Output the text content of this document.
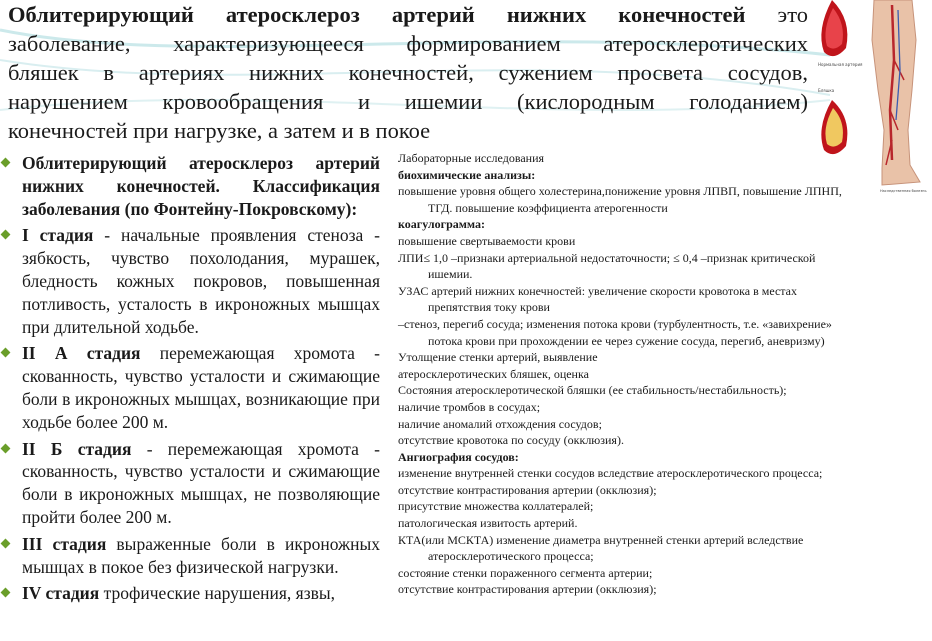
Облитерирующий атеросклероз артерий нижних конечностей это
заболевание, характеризующееся формированием атеросклеротических
бляшек в артериях нижних конечностей, сужением просвета сосудов,
нарушением кровообращения и ишемии (кислородным голоданием)
конечностей при нагрузке, а затем и в покое
Нормальная артерия
Бляшка
Наследственная болезнь
Облитерирующий атеросклероз артерий нижних конечностей. Классификация заболевания (по Фонтейну-Покровскому):
I стадия - начальные проявления стеноза - зябкость, чувство похолодания, мурашек, бледность кожных покровов, повышенная потливость, усталость в икроножных мышцах при длительной ходьбе.
II А стадия перемежающая хромота - скованность, чувство усталости и сжимающие боли в икроножных мышцах, возникающие при ходьбе более 200 м.
II Б стадия - перемежающая хромота - скованность, чувство усталости и сжимающие боли в икроножных мышцах, не позволяющие пройти более 200 м.
III стадия выраженные боли в икроножных мышцах в покое без физической нагрузки.
IV стадия трофические нарушения, язвы,
Лабораторные исследования
биохимические анализы:
повышение уровня общего холестерина,понижение уровня ЛПВП, повышение ЛПНП,
ТГД. повышение коэффициента атерогенности
коагулограмма:
повышение свертываемости крови
ЛПИ≤ 1,0 –признаки артериальной недостаточности; ≤ 0,4 –признак критической
ишемии.
УЗАС артерий нижних конечностей: увеличение скорости кровотока в местах
препятствия току крови
–стеноз, перегиб сосуда; изменения потока крови (турбулентность, т.е. «завихрение»
потока крови при прохождении ее через сужение сосуда, перегиб, аневризму)
Утолщение стенки артерий, выявление
атеросклеротических бляшек, оценка
Состояния атеросклеротической бляшки (ее стабильность/нестабильность);
наличие тромбов в сосудах;
наличие аномалий отхождения сосудов;
отсутствие кровотока по сосуду (окклюзия).
Ангиография сосудов:
изменение внутренней стенки сосудов вследствие атеросклеротического процесса;
отсутствие контрастирования артерии (окклюзия);
присутствие множества коллатералей;
патологическая извитость артерий.
КТА(или МСКТА) изменение диаметра внутренней стенки артерий вследствие
атеросклеротического процесса;
состояние стенки пораженного сегмента артерии;
отсутствие контрастирования артерии (окклюзия);
